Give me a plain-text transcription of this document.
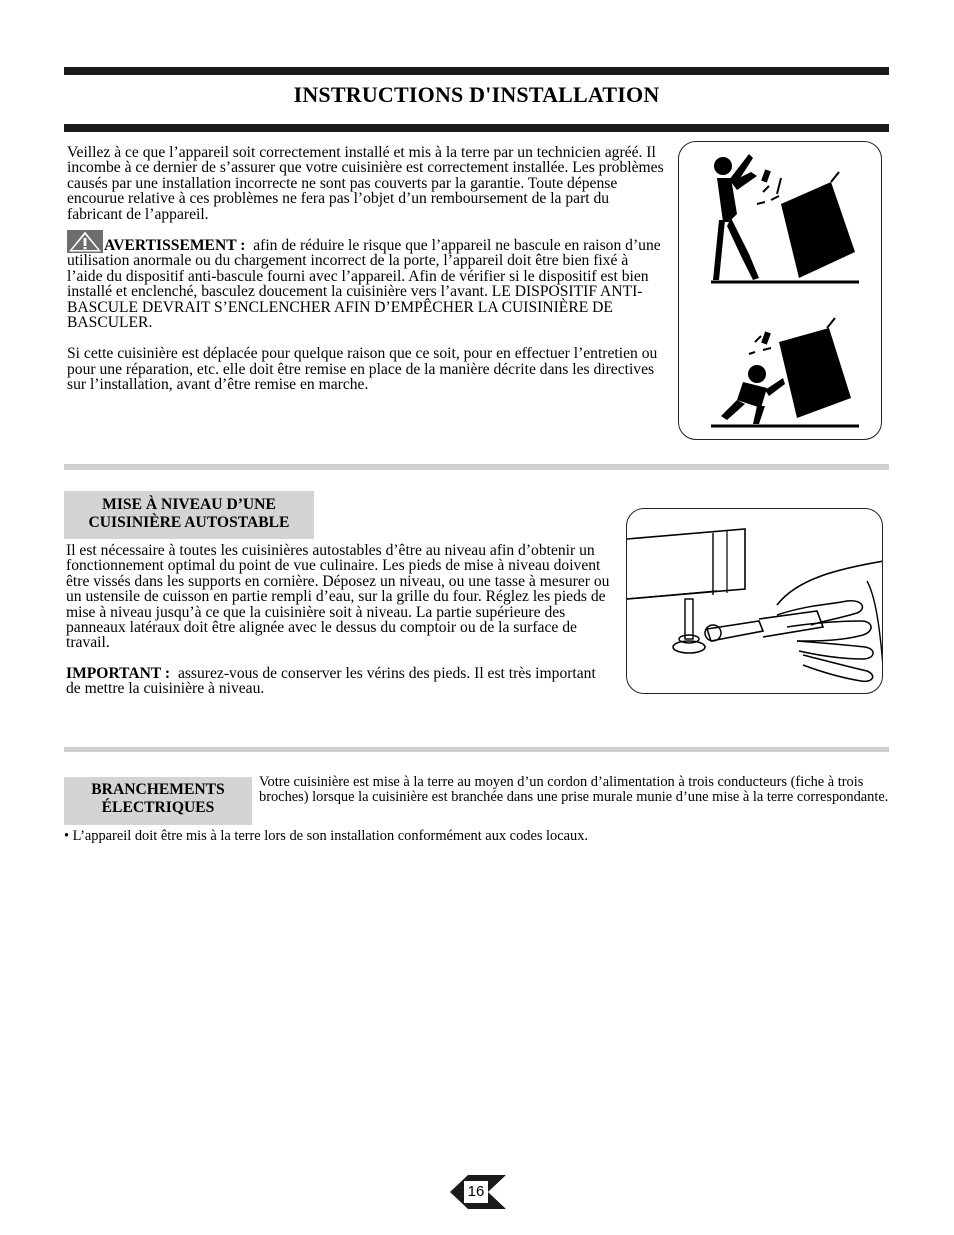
INSTRUCTIONS D'INSTALLATION

Veillez à ce que l’appareil soit correctement installé et mis à la terre par un technicien agréé. Il incombe à ce dernier de s’assurer que votre cuisinière est correctement installée. Les problèmes causés par une installation incorrecte ne sont pas couverts par la garantie. Toute dépense encourue relative à ces problèmes ne fera pas l’objet d’un remboursement de la part du fabricant de l’appareil.

AVERTISSEMENT : afin de réduire le risque que l’appareil ne bascule en raison d’une utilisation anormale ou du chargement incorrect de la porte, l’appareil doit être bien fixé à l’aide du dispositif anti-bascule fourni avec l’appareil. Afin de vérifier si le dispositif est bien installé et enclenché, basculez doucement la cuisinière vers l’avant. LE DISPOSITIF ANTI-BASCULE DEVRAIT S’ENCLENCHER AFIN D’EMPÊCHER LA CUISINIÈRE DE BASCULER.

Si cette cuisinière est déplacée pour quelque raison que ce soit, pour en effectuer l’entretien ou pour une réparation, etc. elle doit être remise en place de la manière décrite dans les directives sur l’installation, avant d’être remise en marche.

MISE À NIVEAU D’UNE
CUISINIÈRE AUTOSTABLE

Il est nécessaire à toutes les cuisinières autostables d’être au niveau afin d’obtenir un fonctionnement optimal du point de vue culinaire. Les pieds de mise à niveau doivent être vissés dans les supports en cornière. Déposez un niveau, ou une tasse à mesurer ou un ustensile de cuisson en partie rempli d’eau, sur la grille du four. Réglez les pieds de mise à niveau jusqu’à ce que la cuisinière soit à niveau. La partie supérieure des panneaux latéraux doit être alignée avec le dessus du comptoir ou de la surface de travail.

IMPORTANT : assurez-vous de conserver les vérins des pieds. Il est très important de mettre la cuisinière à niveau.

BRANCHEMENTS
ÉLECTRIQUES

Votre cuisinière est mise à la terre au moyen d’un cordon d’alimentation à trois conducteurs (fiche à trois broches) lorsque la cuisinière est branchée dans une prise murale munie d’une mise à la terre correspondante.

• L’appareil doit être mis à la terre lors de son installation conformément aux codes locaux.

16
